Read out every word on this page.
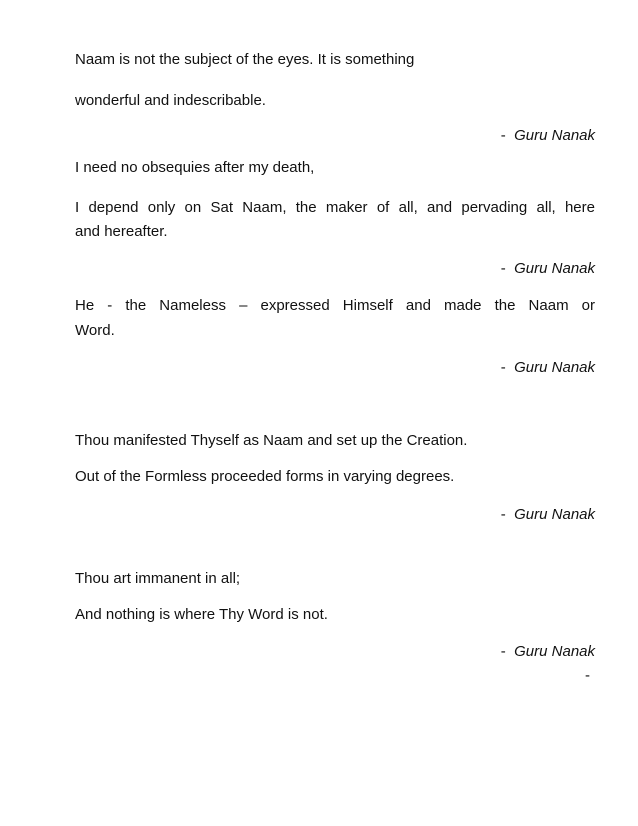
Naam is not the subject of the eyes. It is something
wonderful and indescribable.
- Guru Nanak
I need no obsequies after my death,
I depend only on Sat Naam, the maker of all, and pervading all, here
and hereafter.
- Guru Nanak
He - the Nameless – expressed Himself and made the Naam or
Word.
- Guru Nanak
Thou manifested Thyself as Naam and set up the Creation.
Out of the Formless proceeded forms in varying degrees.
- Guru Nanak
Thou art immanent in all;
And nothing is where Thy Word is not.
- Guru Nanak
-
